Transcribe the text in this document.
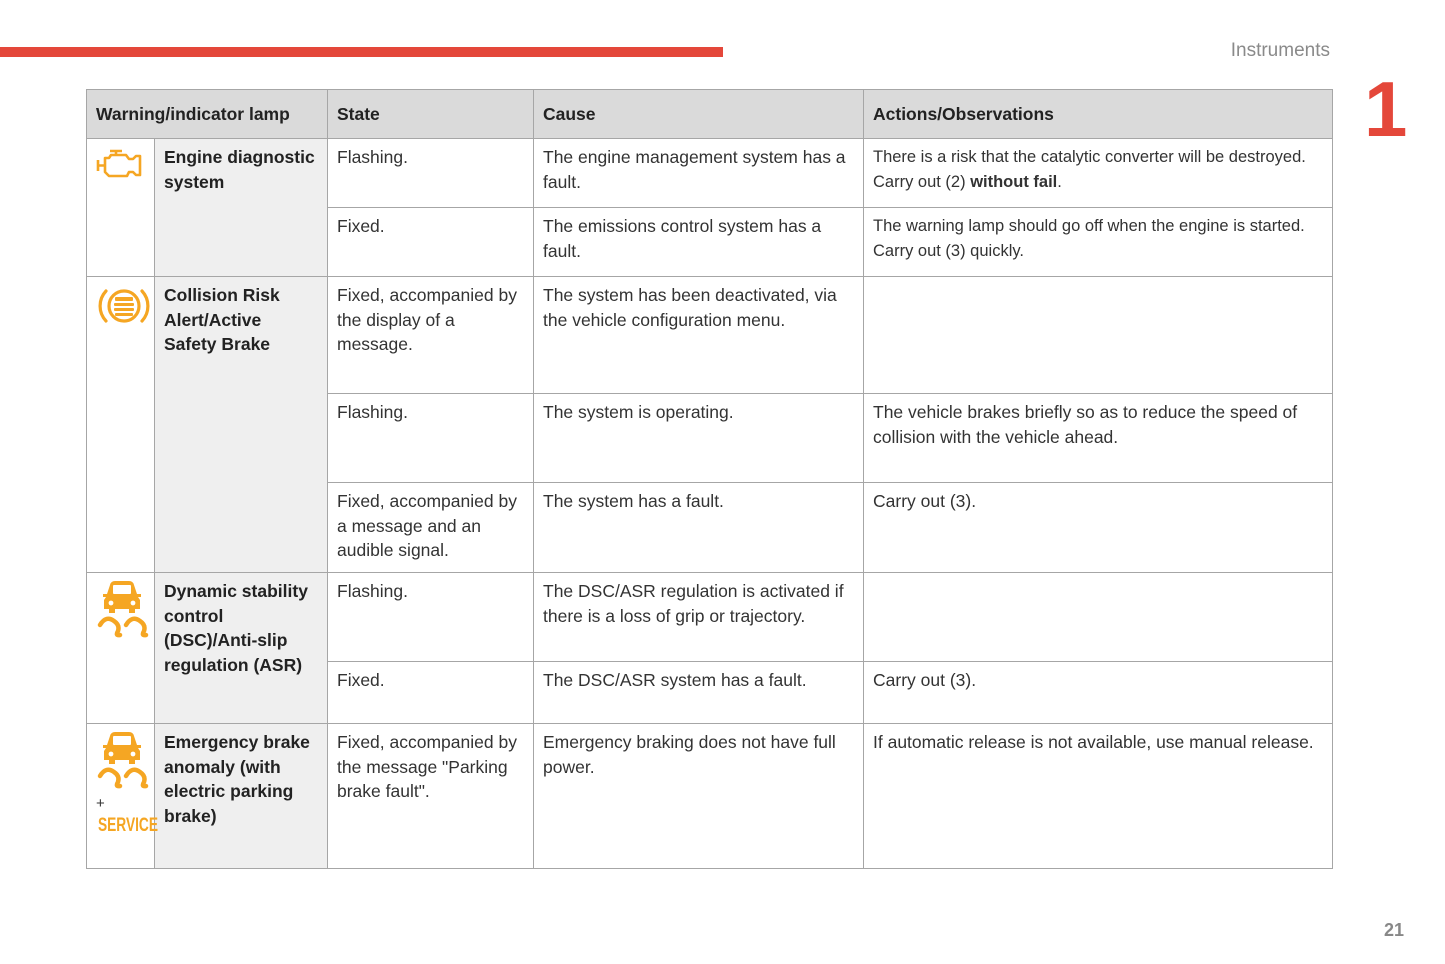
Instruments
1
Warning/indicator lamp		State	Cause	Actions/Observations
	Engine diagnostic system	Flashing.	The engine management system has a fault.	There is a risk that the catalytic converter will be destroyed. Carry out (2) without fail.
		Fixed.	The emissions control system has a fault.	The warning lamp should go off when the engine is started. Carry out (3) quickly.
	Collision Risk Alert/Active Safety Brake	Fixed, accompanied by the display of a message.	The system has been deactivated, via the vehicle configuration menu.	
		Flashing.	The system is operating.	The vehicle brakes briefly so as to reduce the speed of collision with the vehicle ahead.
		Fixed, accompanied by a message and an audible signal.	The system has a fault.	Carry out (3).
	Dynamic stability control (DSC)/Anti-slip regulation (ASR)	Flashing.	The DSC/ASR regulation is activated if there is a loss of grip or trajectory.	
		Fixed.	The DSC/ASR system has a fault.	Carry out (3).

+
SERVICE	Emergency brake anomaly (with electric parking brake)	Fixed, accompanied by the message "Parking brake fault".	Emergency braking does not have full power.	If automatic release is not available, use manual release.
21
